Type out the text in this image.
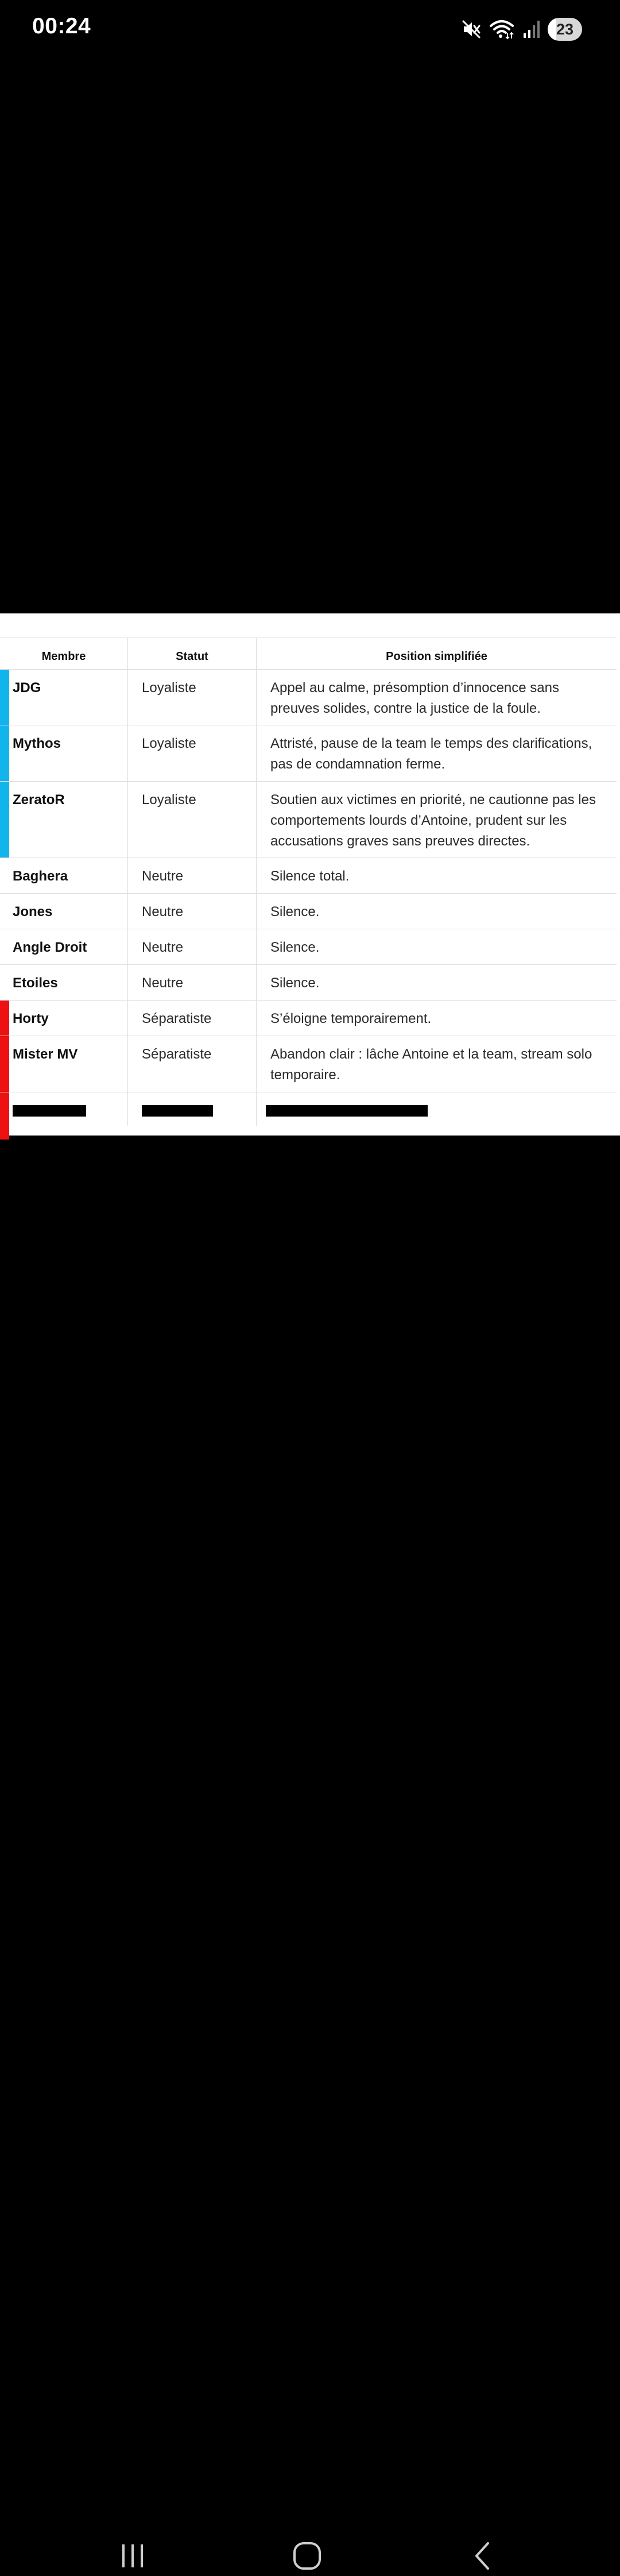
00:24	23
Membre	Statut	Position simplifiée
JDG	Loyaliste	Appel au calme, présomption d’innocence sans preuves solides, contre la justice de la foule.
Mythos	Loyaliste	Attristé, pause de la team le temps des clarifications, pas de condamnation ferme.
ZeratoR	Loyaliste	Soutien aux victimes en priorité, ne cautionne pas les comportements lourds d’Antoine, prudent sur les accusations graves sans preuves directes.
Baghera	Neutre	Silence total.
Jones	Neutre	Silence.
Angle Droit	Neutre	Silence.
Etoiles	Neutre	Silence.
Horty	Séparatiste	S’éloigne temporairement.
Mister MV	Séparatiste	Abandon clair : lâche Antoine et la team, stream solo temporaire.
